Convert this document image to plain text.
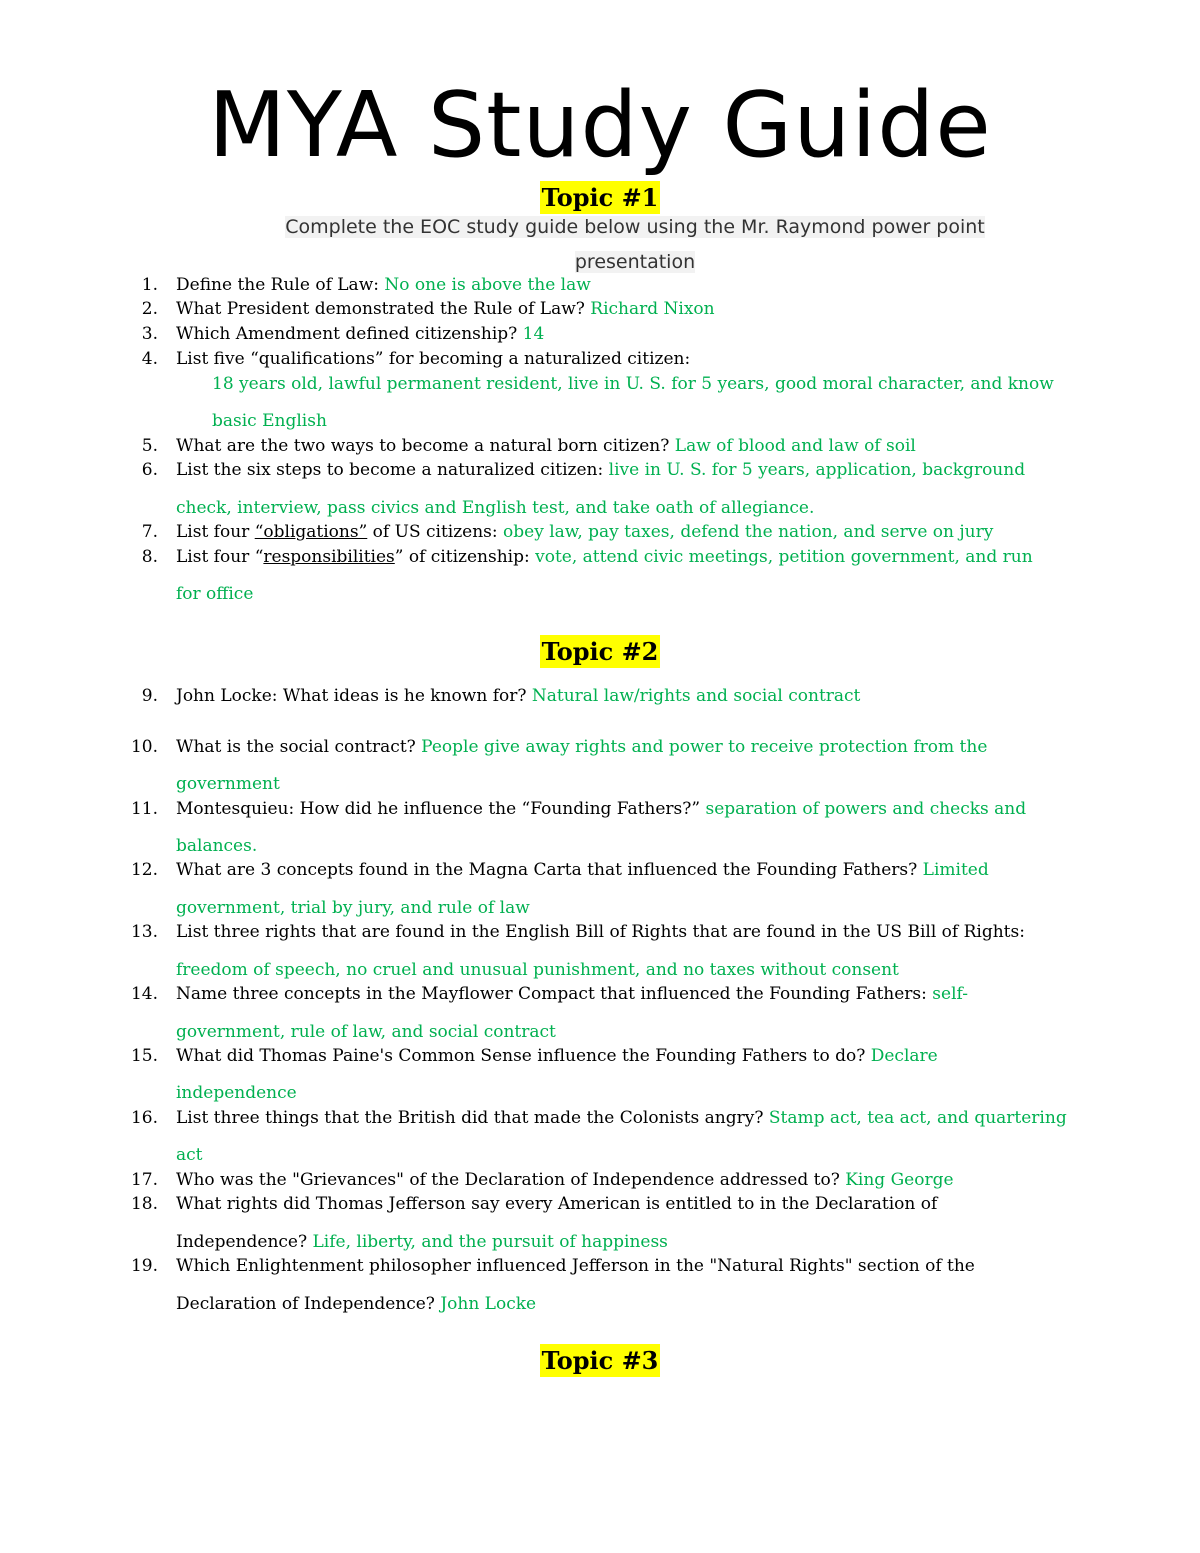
MYA Study Guide
Topic #1
Complete the EOC study guide below using the Mr. Raymond power point presentation
1. Define the Rule of Law: No one is above the law
2. What President demonstrated the Rule of Law? Richard Nixon
3. Which Amendment defined citizenship? 14
4. List five “qualifications” for becoming a naturalized citizen:
18 years old, lawful permanent resident, live in U. S. for 5 years, good moral character, and know
basic English
5. What are the two ways to become a natural born citizen? Law of blood and law of soil
6. List the six steps to become a naturalized citizen: live in U. S. for 5 years, application, background
check, interview, pass civics and English test, and take oath of allegiance.
7. List four “obligations” of US citizens: obey law, pay taxes, defend the nation, and serve on jury
8. List four “responsibilities” of citizenship: vote, attend civic meetings, petition government, and run
for office
Topic #2
9. John Locke: What ideas is he known for? Natural law/rights and social contract
10. What is the social contract? People give away rights and power to receive protection from the
government
11. Montesquieu: How did he influence the “Founding Fathers?” separation of powers and checks and
balances.
12. What are 3 concepts found in the Magna Carta that influenced the Founding Fathers? Limited
government, trial by jury, and rule of law
13. List three rights that are found in the English Bill of Rights that are found in the US Bill of Rights:
freedom of speech, no cruel and unusual punishment, and no taxes without consent
14. Name three concepts in the Mayflower Compact that influenced the Founding Fathers: self-
government, rule of law, and social contract
15. What did Thomas Paine's Common Sense influence the Founding Fathers to do? Declare
independence
16. List three things that the British did that made the Colonists angry? Stamp act, tea act, and quartering
act
17. Who was the "Grievances" of the Declaration of Independence addressed to? King George
18. What rights did Thomas Jefferson say every American is entitled to in the Declaration of
Independence? Life, liberty, and the pursuit of happiness
19. Which Enlightenment philosopher influenced Jefferson in the "Natural Rights" section of the
Declaration of Independence? John Locke
Topic #3
